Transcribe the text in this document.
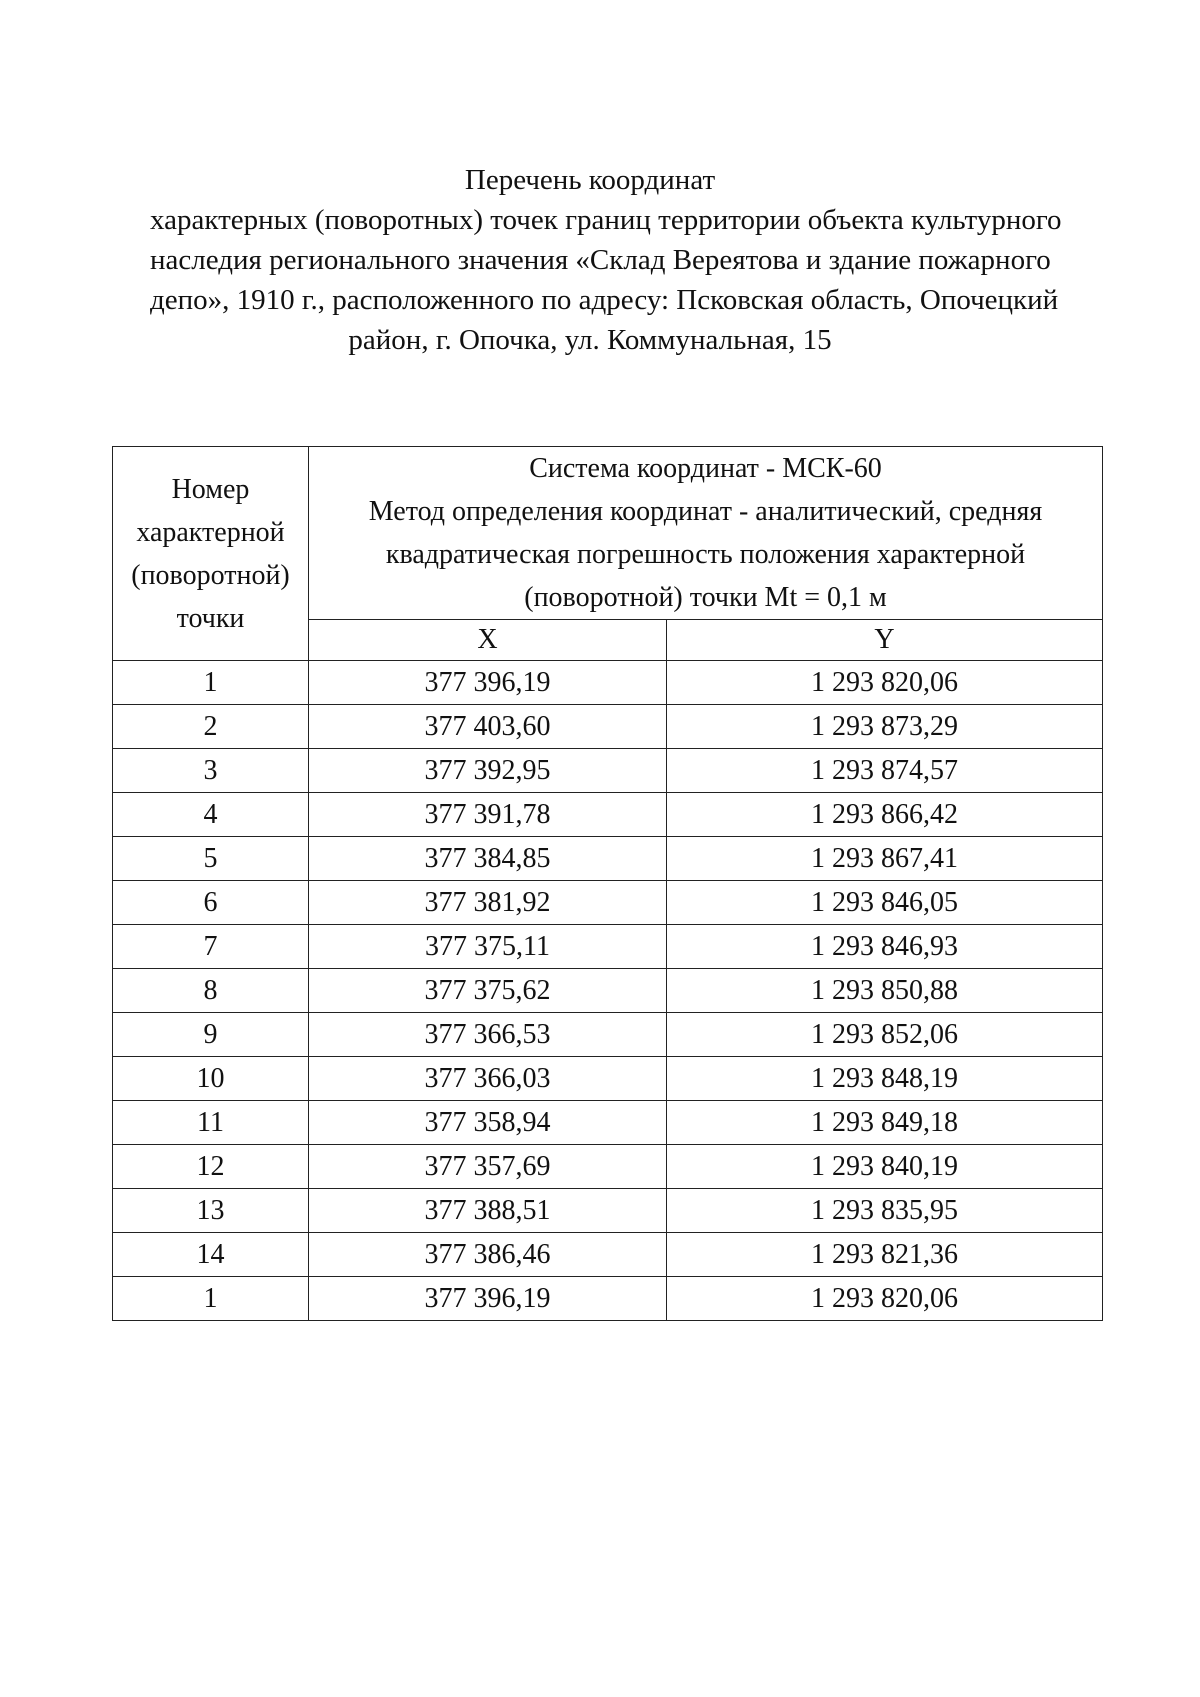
Перечень координат
характерных (поворотных) точек границ территории объекта культурного
наследия регионального значения «Склад Вереятова и здание пожарного
депо», 1910 г., расположенного по адресу: Псковская область, Опочецкий
район, г. Опочка, ул. Коммунальная, 15
Номер
характерной
(поворотной)
точки	Система координат - МСК-60
Метод определения координат - аналитический, средняя
квадратическая погрешность положения характерной
(поворотной) точки Mt = 0,1 м	

	X	Y
1	377 396,19	1 293 820,06
2	377 403,60	1 293 873,29
3	377 392,95	1 293 874,57
4	377 391,78	1 293 866,42
5	377 384,85	1 293 867,41
6	377 381,92	1 293 846,05
7	377 375,11	1 293 846,93
8	377 375,62	1 293 850,88
9	377 366,53	1 293 852,06
10	377 366,03	1 293 848,19
11	377 358,94	1 293 849,18
12	377 357,69	1 293 840,19
13	377 388,51	1 293 835,95
14	377 386,46	1 293 821,36
1	377 396,19	1 293 820,06
